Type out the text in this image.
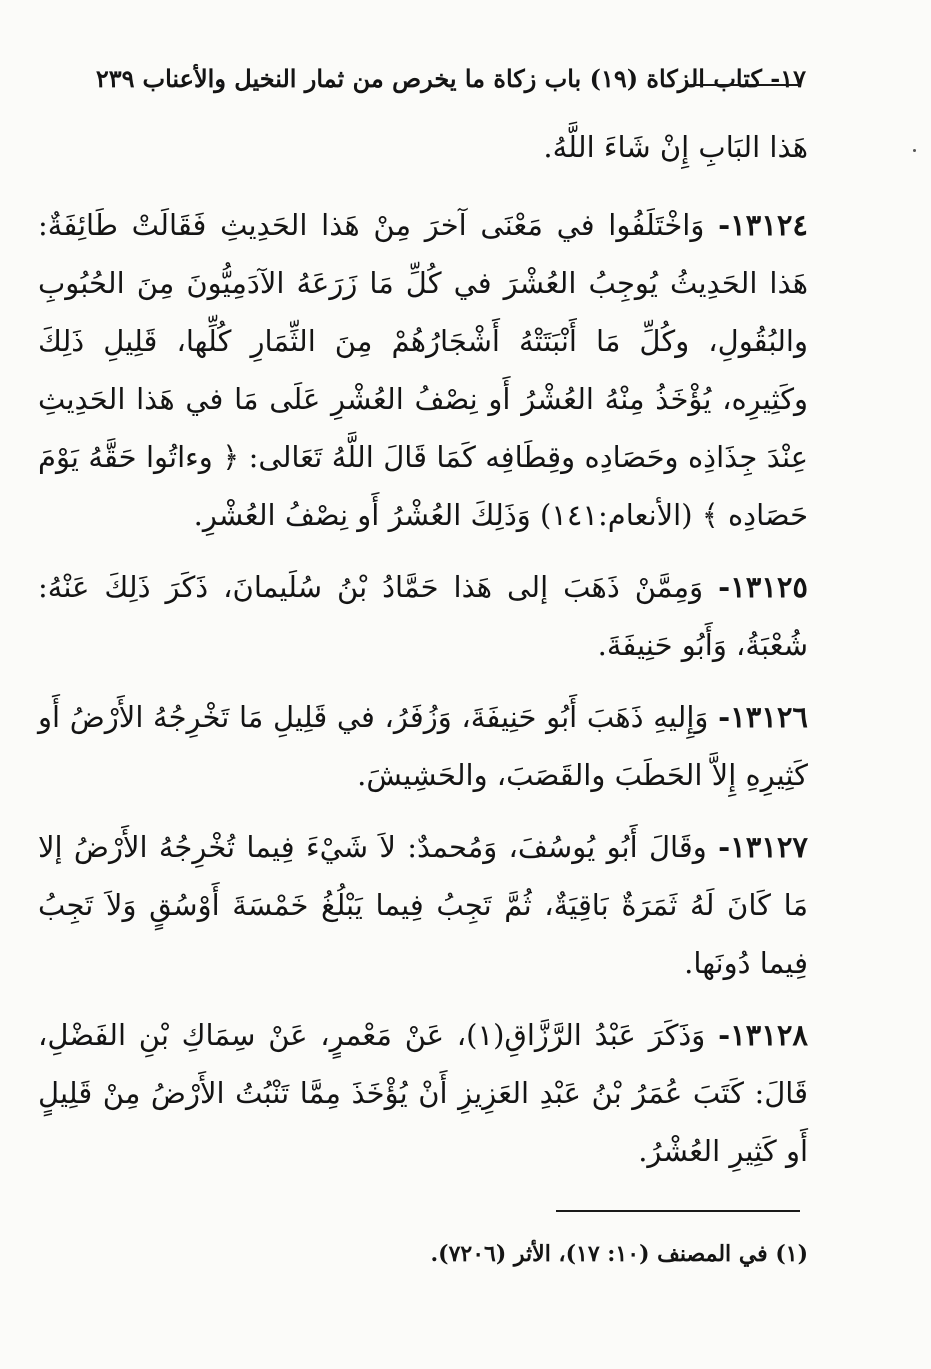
١٧- كتاب الزكاة (١٩) باب زكاة ما يخرص من ثمار النخيل والأعناب
٢٣٩

هَذا البَابِ إِنْ شَاءَ اللَّهُ.

١٣١٢٤- وَاخْتَلَفُوا في مَعْنَى آخرَ مِنْ هَذا الحَدِيثِ فَقَالَتْ طَائِفَةٌ: هَذا الحَدِيثُ يُوجِبُ العُشْرَ في كُلِّ مَا زَرَعَهُ الآدَمِيُّونَ مِنَ الحُبُوبِ والبُقُولِ، وكُلِّ مَا أَنْبَتَتْهُ أَشْجَارُهُمْ مِنَ الثِّمَارِ كُلِّها، قَلِيلِ ذَلِكَ وكَثِيرِه، يُؤْخَذُ مِنْهُ العُشْرُ أَو نِصْفُ العُشْرِ عَلَى مَا في هَذا الحَدِيثِ عِنْدَ جِذَاذِه وحَصَادِه وقِطَافِه كَمَا قَالَ اللَّهُ تَعَالى: ﴿ وءاتُوا حَقَّهُ يَوْمَ حَصَادِه ﴾ (الأنعام:١٤١) وَذَلِكَ العُشْرُ أَو نِصْفُ العُشْرِ.

١٣١٢٥- وَمِمَّنْ ذَهَبَ إلى هَذا حَمَّادُ بْنُ سُلَيمانَ، ذَكَرَ ذَلِكَ عَنْهُ: شُعْبَةُ، وَأَبُو حَنِيفَةَ.

١٣١٢٦- وَإِليهِ ذَهَبَ أَبُو حَنِيفَةَ، وَزُفَرُ، في قَلِيلِ مَا تَخْرِجُهُ الأَرْضُ أَو كَثِيرِهِ إِلاَّ الحَطَبَ والقَصَبَ، والحَشِيشَ.

١٣١٢٧- وقَالَ أَبُو يُوسُفَ، وَمُحمدٌ: لاَ شَيْءَ فِيما تُخْرِجُهُ الأَرْضُ إلا مَا كَانَ لَهُ ثَمَرَةٌ بَاقِيَةٌ، ثُمَّ تَجِبُ فِيما يَبْلُغُ خَمْسَةَ أَوْسُقٍ وَلاَ تَجِبُ فِيما دُونَها.

١٣١٢٨- وَذَكَرَ عَبْدُ الرَّزَّاقِ(١)، عَنْ مَعْمرٍ، عَنْ سِمَاكِ بْنِ الفَضْلِ، قَالَ: كَتَبَ عُمَرُ بْنُ عَبْدِ العَزِيزِ أَنْ يُؤْخَذَ مِمَّا تَنْبُتُ الأَرْضُ مِنْ قَلِيلٍ أَو كَثِيرِ العُشْرُ.

(١) في المصنف (١٠: ١٧)، الأثر (٧٢٠٦).
